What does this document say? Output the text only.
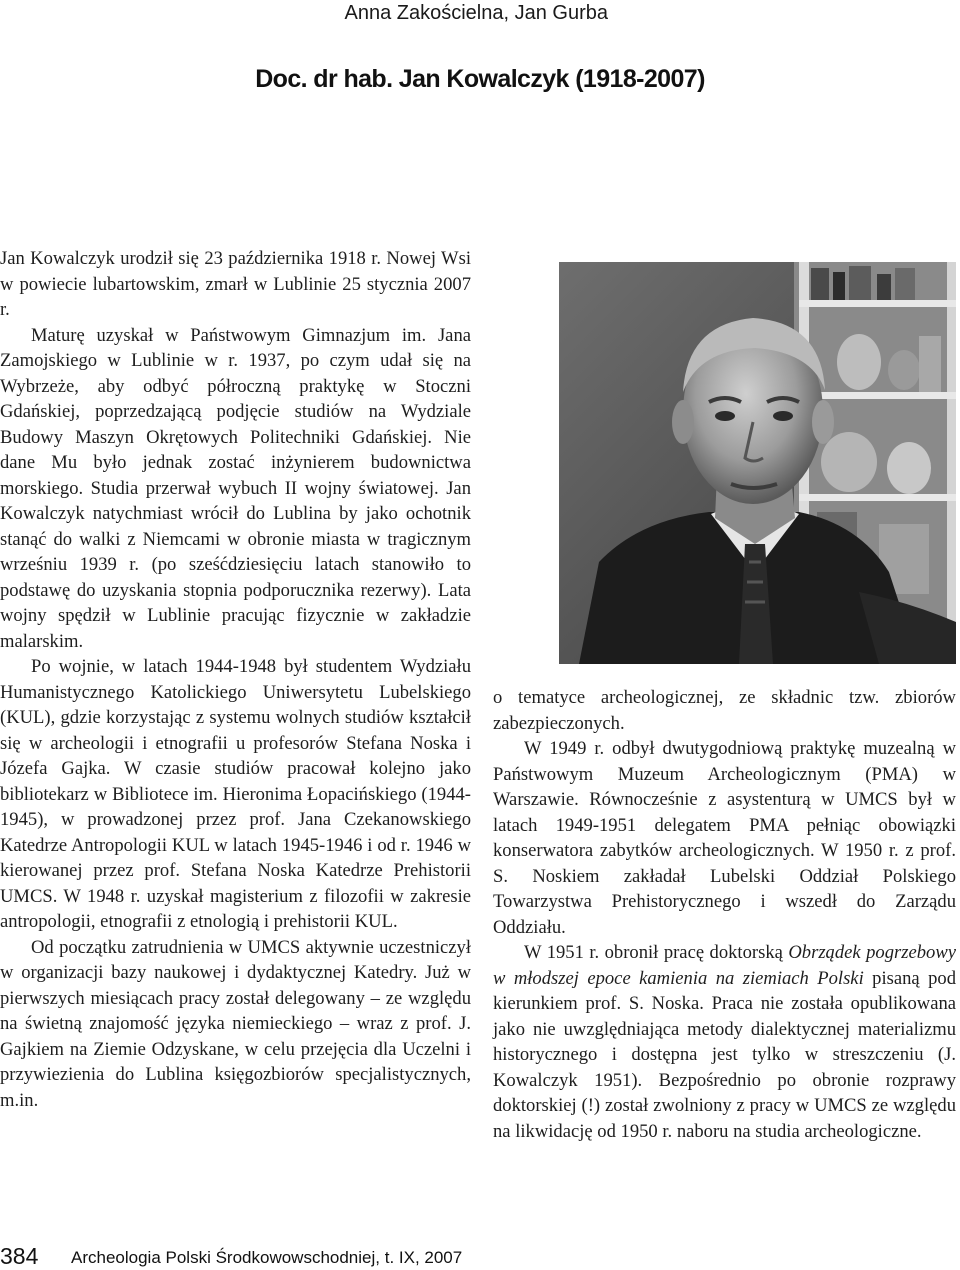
Anna Zakościelna, Jan Gurba

Doc. dr hab. Jan Kowalczyk (1918-2007)

Jan Kowalczyk urodził się 23 października 1918 r. Nowej Wsi w powiecie lubartowskim, zmarł w Lublinie 25 stycznia 2007 r.

Maturę uzyskał w Państwowym Gimnazjum im. Jana Zamojskiego w Lublinie w r. 1937, po czym udał się na Wybrzeże, aby odbyć półroczną praktykę w Stoczni Gdańskiej, poprzedzającą podjęcie studiów na Wydziale Budowy Maszyn Okrętowych Politechniki Gdańskiej. Nie dane Mu było jednak zostać inżynierem budownictwa morskiego. Studia przerwał wybuch II wojny światowej. Jan Kowalczyk natychmiast wrócił do Lublina by jako ochotnik stanąć do walki z Niemcami w obronie miasta w tragicznym wrześniu 1939 r. (po sześćdziesięciu latach stanowiło to podstawę do uzyskania stopnia podporucznika rezerwy). Lata wojny spędził w Lublinie pracując fizycznie w zakładzie malarskim.

Po wojnie, w latach 1944-1948 był studentem Wydziału Humanistycznego Katolickiego Uniwersytetu Lubelskiego (KUL), gdzie korzystając z systemu wolnych studiów kształcił się w archeologii i etnografii u profesorów Stefana Noska i Józefa Gajka. W czasie studiów pracował kolejno jako bibliotekarz w Bibliotece im. Hieronima Łopacińskiego (1944-1945), w prowadzonej przez prof. Jana Czekanowskiego Katedrze Antropologii KUL w latach 1945-1946 i od r. 1946 w kierowanej przez prof. Stefana Noska Katedrze Prehistorii UMCS. W 1948 r. uzyskał magisterium z filozofii w zakresie antropologii, etnografii z etnologią i prehistorii KUL.

Od początku zatrudnienia w UMCS aktywnie uczestniczył w organizacji bazy naukowej i dydaktycznej Katedry. Już w pierwszych miesiącach pracy został delegowany – ze względu na świetną znajomość języka niemieckiego – wraz z prof. J. Gajkiem na Ziemie Odzyskane, w celu przejęcia dla Uczelni i przywiezienia do Lublina księgozbiorów specjalistycznych, m.in.

o tematyce archeologicznej, ze składnic tzw. zbiorów zabezpieczonych.

W 1949 r. odbył dwutygodniową praktykę muzealną w Państwowym Muzeum Archeologicznym (PMA) w Warszawie. Równocześnie z asystenturą w UMCS był w latach 1949-1951 delegatem PMA pełniąc obowiązki konserwatora zabytków archeologicznych. W 1950 r. z prof. S. Noskiem zakładał Lubelski Oddział Polskiego Towarzystwa Prehistorycznego i wszedł do Zarządu Oddziału.

W 1951 r. obronił pracę doktorską Obrządek pogrzebowy w młodszej epoce kamienia na ziemiach Polski pisaną pod kierunkiem prof. S. Noska. Praca nie została opublikowana jako nie uwzględniająca metody dialektycznej materializmu historycznego i dostępna jest tylko w streszczeniu (J. Kowalczyk 1951). Bezpośrednio po obronie rozprawy doktorskiej (!) został zwolniony z pracy w UMCS ze względu na likwidację od 1950 r. naboru na studia archeologiczne.

384 Archeologia Polski Środkowowschodniej, t. IX, 2007
